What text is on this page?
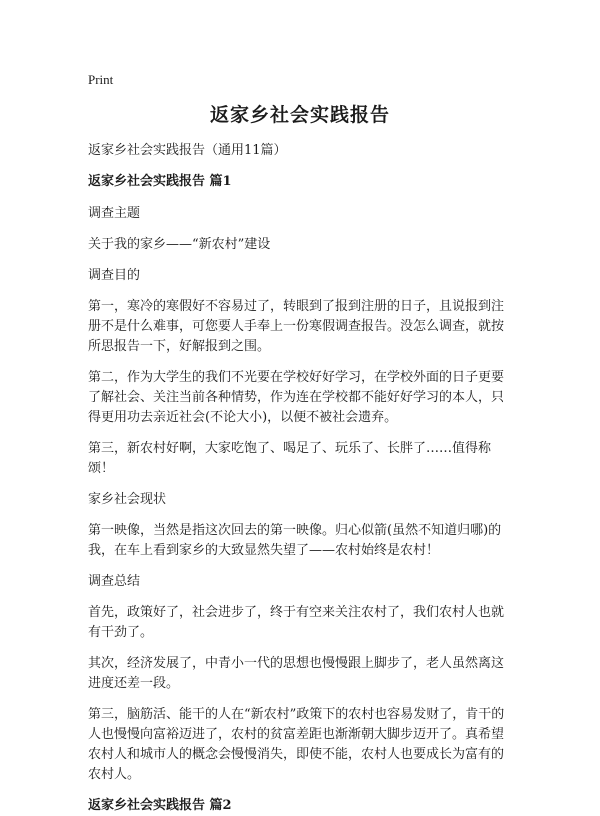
Print
返家乡社会实践报告
返家乡社会实践报告（通用11篇）
返家乡社会实践报告 篇1
调查主题
关于我的家乡——“新农村”建设
调查目的
第一，寒冷的寒假好不容易过了，转眼到了报到注册的日子，且说报到注册不是什么难事，可您要人手奉上一份寒假调查报告。没怎么调查，就按所思报告一下，好解报到之围。
第二，作为大学生的我们不光要在学校好好学习，在学校外面的日子更要了解社会、关注当前各种情势，作为连在学校都不能好好学习的本人，只得更用功去亲近社会(不论大小)，以便不被社会遗弃。
第三，新农村好啊，大家吃饱了、喝足了、玩乐了、长胖了……值得称颂！
家乡社会现状
第一映像，当然是指这次回去的第一映像。归心似箭(虽然不知道归哪)的我，在车上看到家乡的大致显然失望了——农村始终是农村！
调查总结
首先，政策好了，社会进步了，终于有空来关注农村了，我们农村人也就有干劲了。
其次，经济发展了，中青小一代的思想也慢慢跟上脚步了，老人虽然离这进度还差一段。
第三，脑筋活、能干的人在“新农村”政策下的农村也容易发财了，肯干的人也慢慢向富裕迈进了，农村的贫富差距也渐渐朝大脚步迈开了。真希望农村人和城市人的概念会慢慢消失，即使不能，农村人也要成长为富有的农村人。
返家乡社会实践报告 篇2
